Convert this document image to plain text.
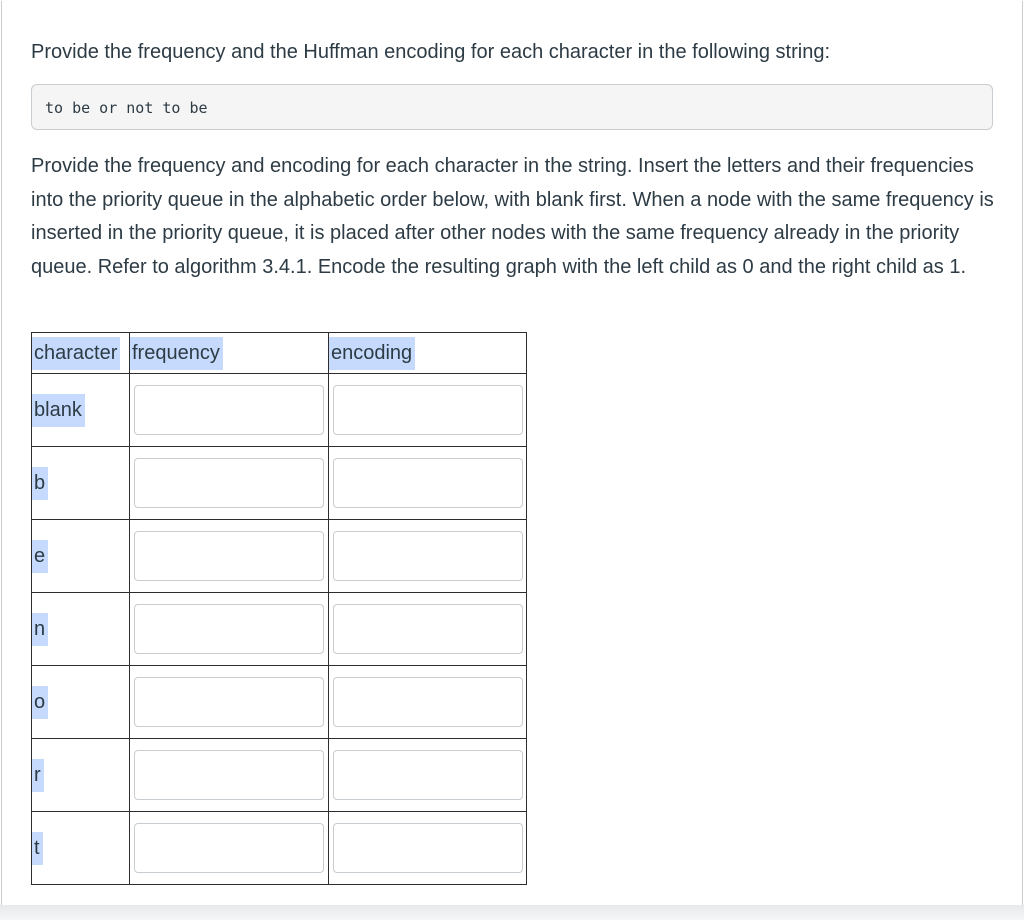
Provide the frequency and the Huffman encoding for each character in the following string:

to be or not to be

Provide the frequency and encoding for each character in the string. Insert the letters and their frequencies into the priority queue in the alphabetic order below, with blank first. When a node with the same frequency is inserted in the priority queue, it is placed after other nodes with the same frequency already in the priority queue. Refer to algorithm 3.4.1. Encode the resulting graph with the left child as 0 and the right child as 1.

character	frequency	encoding
blank	

b	

e	

n	

o	

r	

t	
